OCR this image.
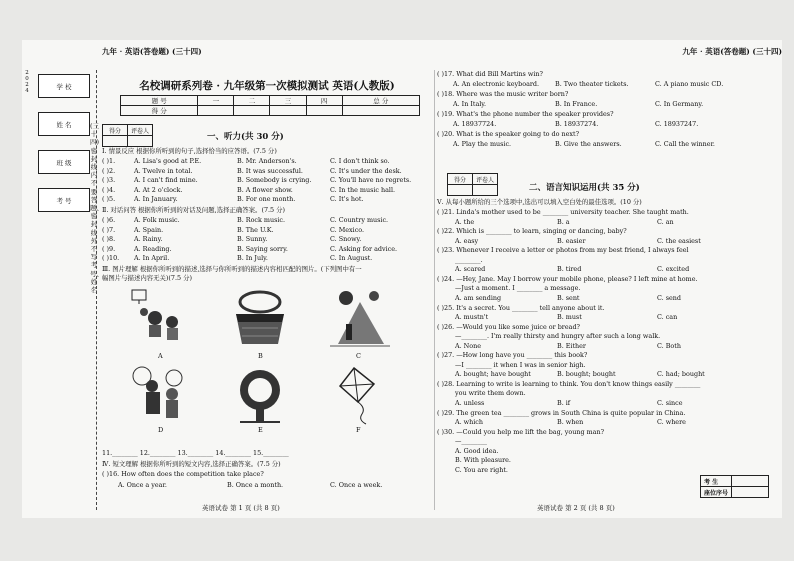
学 校
姓 名
班 级
考 号
2024
(三十四)密封线内不要答题、密封线外不写考号、姓名
九年 · 英语(答卷题) (三十四)
名校调研系列卷 · 九年级第一次模拟测试 英语(人教版)
题 号	一	二	三	四	总 分
得 分					
得分	评卷人

一、听力(共 30 分)
Ⅰ. 情景反应 根据你所听到的句子,选择恰当的应答语。(7.5 分)
( )1.	A. Lisa's good at P.E.	B. Mr. Anderson's.	C. I don't think so.
( )2.	A. Twelve in total.	B. It was successful.	C. It's under the desk.
( )3.	A. I can't find mine.	B. Somebody is crying.	C. You'll have no regrets.
( )4.	A. At 2 o'clock.	B. A flower show.	C. In the music hall.
( )5.	A. In January.	B. For one month.	C. It's hot.
Ⅱ. 对话问答 根据你所听到的对话及问题,选择正确答案。(7.5 分)
( )6.	A. Folk music.	B. Rock music.	C. Country music.
( )7.	A. Spain.	B. The U.K.	C. Mexico.
( )8.	A. Rainy.	B. Sunny.	C. Snowy.
( )9.	A. Reading.	B. Saying sorry.	C. Asking for advice.
( )10. A. In April.	B. In July.	C. In August.
Ⅲ. 图片理解 根据你所听到的描述,选择与你所听到的描述内容相匹配的图片。(下列图中有一
幅图片与描述内容无关)(7.5 分)
A	B	C
D	E	F
11.________ 12.________ 13.________ 14.________ 15.________
Ⅳ. 短文理解 根据你所听到的短文内容,选择正确答案。(7.5 分)
( )16. How often does the competition take place?
A. Once a year.	B. Once a month.	C. Once a week.
英语试卷 第 1 页 (共 8 页)
九年 · 英语(答卷题) (三十四)
( )17. What did Bill Martins win?
A. An electronic keyboard. B. Two theater tickets.	C. A piano music CD.
( )18. Where was the music writer born?
A. In Italy.	B. In France.	C. In Germany.
( )19. What's the phone number the speaker provides?
A. 18937724.	B. 18937274.	C. 18937247.
( )20. What is the speaker going to do next?
A. Play the music.	B. Give the answers.	C. Call the winner.
得分	评卷人

二、语言知识运用(共 35 分)
Ⅴ. 从每小题所给的三个选项中,选出可以填入空白处的最佳选项。(10 分)
( )21. Linda's mother used to be ________ university teacher. She taught math.
A. the	B. a	C. an
( )22. Which is ________ to learn, singing or dancing, baby?
A. easy	B. easier	C. the easiest
( )23. Whenever I receive a letter or photos from my best friend, I always feel
________.
A. scared	B. tired	C. excited
( )24. —Hey, Jane. May I borrow your mobile phone, please? I left mine at home.
—Just a moment. I ________ a message.
A. am sending	B. sent	C. send
( )25. It's a secret. You ________ tell anyone about it.
A. mustn't	B. must	C. can
( )26. —Would you like some juice or bread?
—________. I'm really thirsty and hungry after such a long walk.
A. None	B. Either	C. Both
( )27. —How long have you ________ this book?
—I ________ it when I was in senior high.
A. bought; have bought	B. bought; bought	C. had; bought
( )28. Learning to write is learning to think. You don't know things easily ________
you write them down.
A. unless	B. if	C. since
( )29. The green tea ________ grows in South China is quite popular in China.
A. which	B. when	C. where
( )30. —Could you help me lift the bag, young man?
—________
A. Good idea.
B. With pleasure.
C. You are right.
考 生	
座位序号	
英语试卷 第 2 页 (共 8 页)
